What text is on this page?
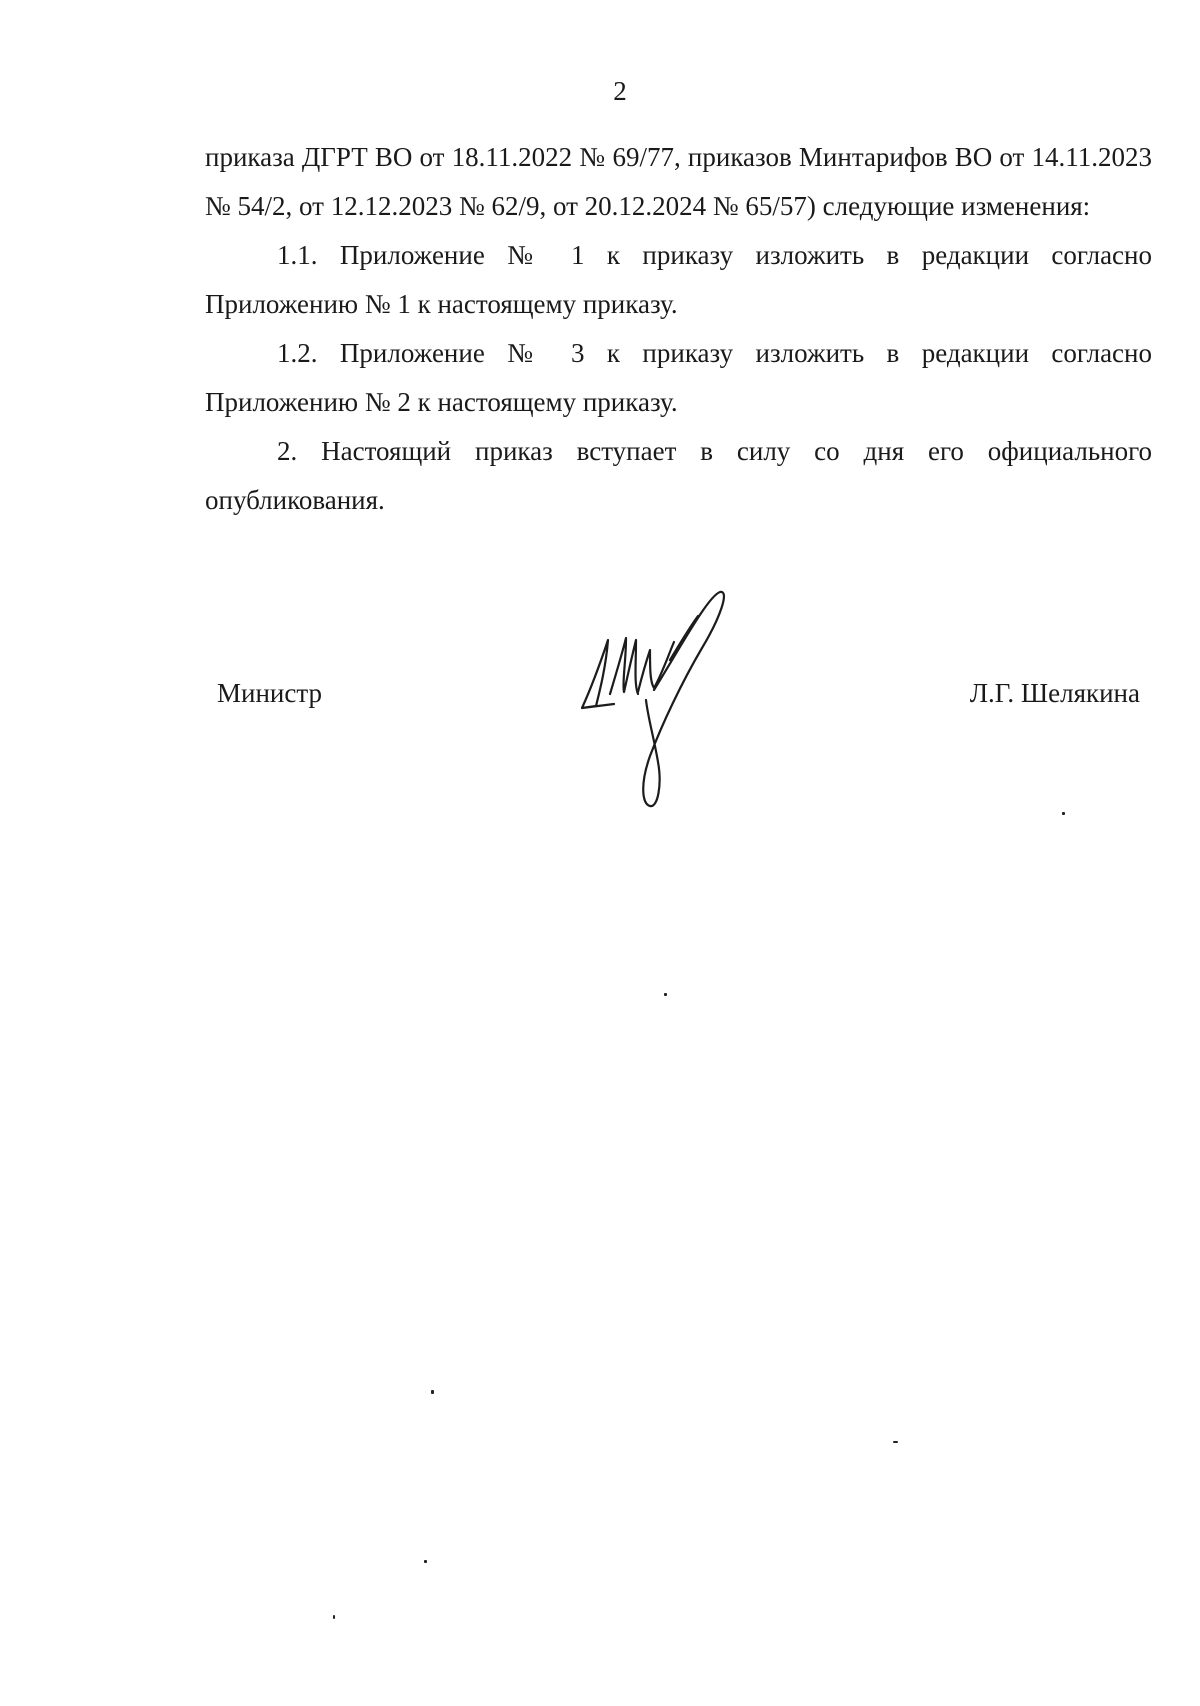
2

приказа ДГРТ ВО от 18.11.2022 № 69/77, приказов Минтарифов ВО от 14.11.2023 № 54/2, от 12.12.2023 № 62/9, от 20.12.2024 № 65/57) следующие изменения:

1.1. Приложение № 1 к приказу изложить в редакции согласно Приложению № 1 к настоящему приказу.

1.2. Приложение № 3 к приказу изложить в редакции согласно Приложению № 2 к настоящему приказу.

2. Настоящий приказ вступает в силу со дня его официального опубликования.

Министр	Л.Г. Шелякина
